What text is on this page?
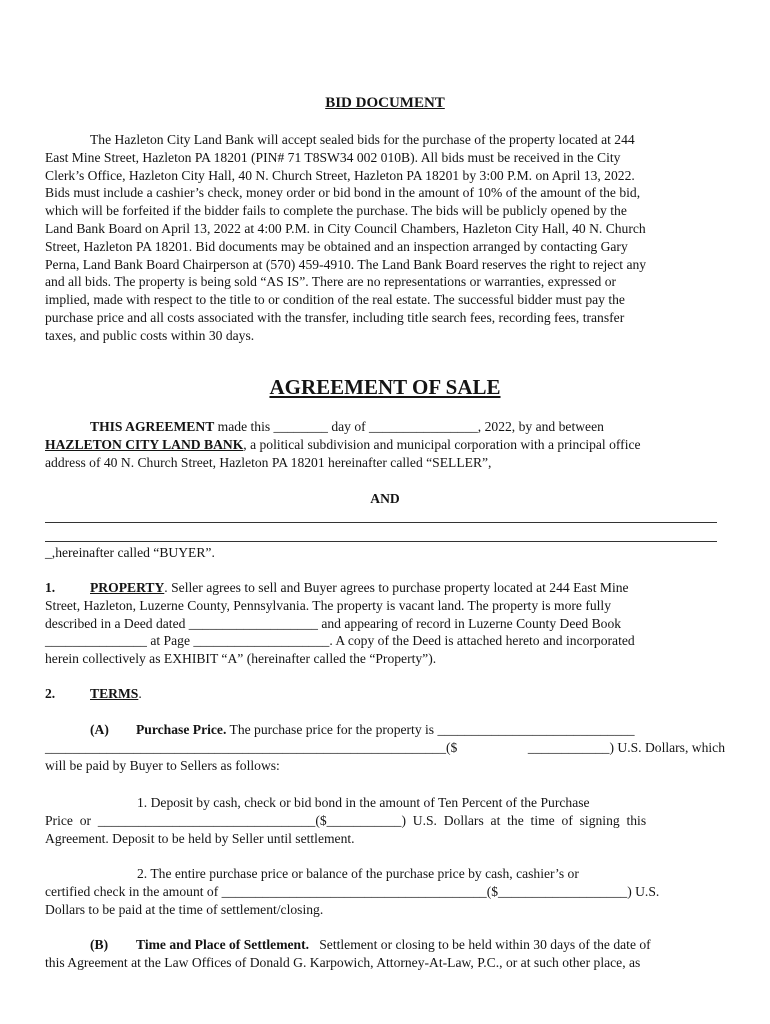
BID DOCUMENT
The Hazleton City Land Bank will accept sealed bids for the purchase of the property located at 244
East Mine Street, Hazleton PA 18201 (PIN# 71 T8SW34 002 010B). All bids must be received in the City
Clerk’s Office, Hazleton City Hall, 40 N. Church Street, Hazleton PA 18201 by 3:00 P.M. on April 13, 2022.
Bids must include a cashier’s check, money order or bid bond in the amount of 10% of the amount of the bid,
which will be forfeited if the bidder fails to complete the purchase. The bids will be publicly opened by the
Land Bank Board on April 13, 2022 at 4:00 P.M. in City Council Chambers, Hazleton City Hall, 40 N. Church
Street, Hazleton PA 18201. Bid documents may be obtained and an inspection arranged by contacting Gary
Perna, Land Bank Board Chairperson at (570) 459-4910. The Land Bank Board reserves the right to reject any
and all bids. The property is being sold “AS IS”. There are no representations or warranties, expressed or
implied, made with respect to the title to or condition of the real estate. The successful bidder must pay the
purchase price and all costs associated with the transfer, including title search fees, recording fees, transfer
taxes, and public costs within 30 days.
AGREEMENT OF SALE
THIS AGREEMENT made this ________ day of ________________, 2022, by and between
HAZLETON CITY LAND BANK, a political subdivision and municipal corporation with a principal office
address of 40 N. Church Street, Hazleton PA 18201 hereinafter called “SELLER”,
AND
_,hereinafter called “BUYER”.
1.	PROPERTY. Seller agrees to sell and Buyer agrees to purchase property located at 244 East Mine
Street, Hazleton, Luzerne County, Pennsylvania. The property is vacant land. The property is more fully
described in a Deed dated ___________________ and appearing of record in Luzerne County Deed Book
_______________ at Page ____________________. A copy of the Deed is attached hereto and incorporated
herein collectively as EXHIBIT “A” (hereinafter called the “Property”).
2.	TERMS.
(A) Purchase Price. The purchase price for the property is _____________________________
___________________________________________________________($	____________) U.S. Dollars, which
will be paid by Buyer to Sellers as follows:
1. Deposit by cash, check or bid bond in the amount of Ten Percent of the Purchase
Price  or  ________________________________($___________)  U.S.  Dollars  at  the  time  of  signing  this
Agreement. Deposit to be held by Seller until settlement.
2. The entire purchase price or balance of the purchase price by cash, cashier’s or
certified check in the amount of _______________________________________($___________________) U.S.
Dollars to be paid at the time of settlement/closing.
(B) Time and Place of Settlement.   Settlement or closing to be held within 30 days of the date of
this Agreement at the Law Offices of Donald G. Karpowich, Attorney-At-Law, P.C., or at such other place, as
